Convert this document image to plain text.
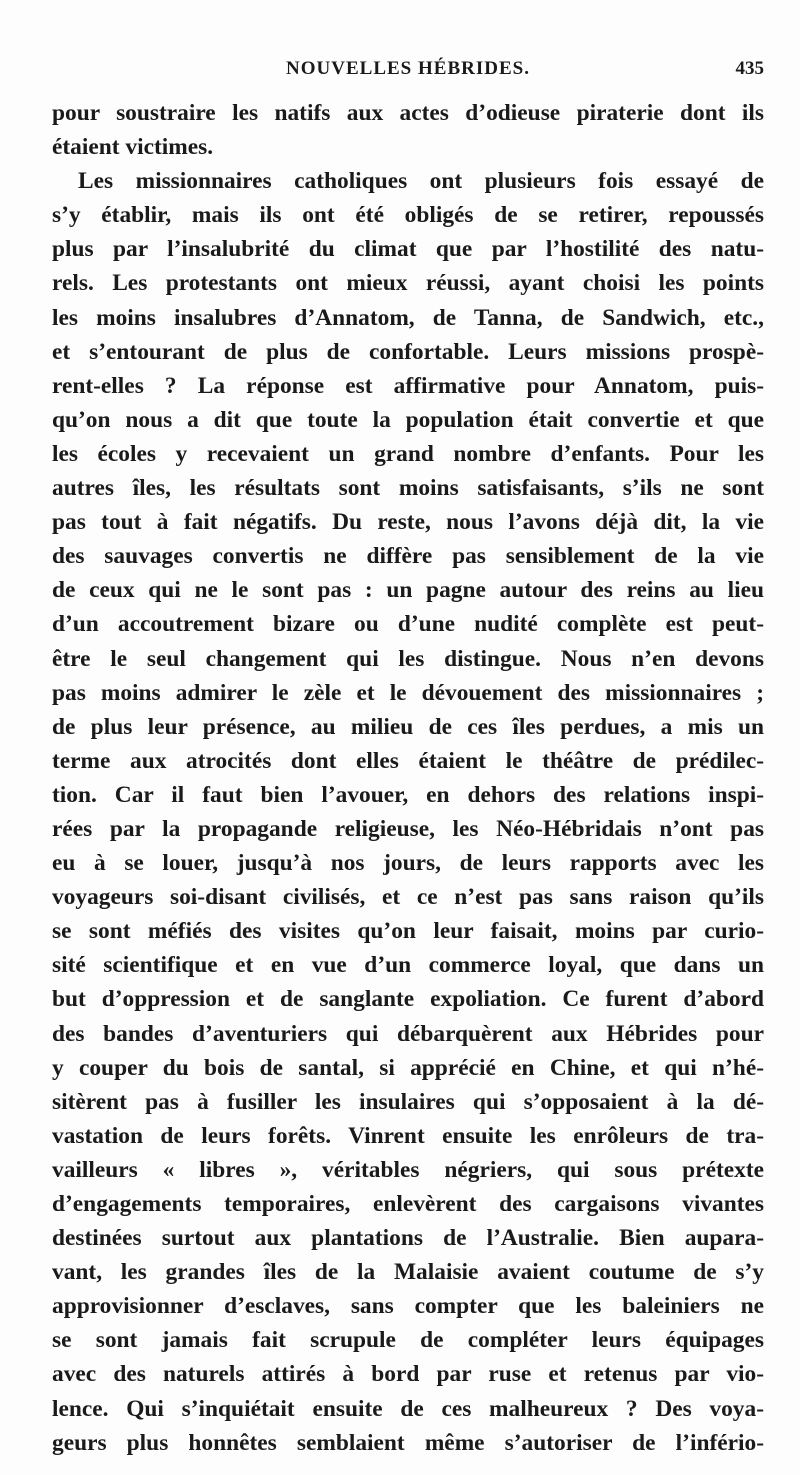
NOUVELLES HÉBRIDES.	435
pour soustraire les natifs aux actes d’odieuse piraterie dont ils
étaient victimes.
Les missionnaires catholiques ont plusieurs fois essayé de
s’y établir, mais ils ont été obligés de se retirer, repoussés
plus par l’insalubrité du climat que par l’hostilité des natu-
rels. Les protestants ont mieux réussi, ayant choisi les points
les moins insalubres d’Annatom, de Tanna, de Sandwich, etc.,
et s’entourant de plus de confortable. Leurs missions prospè-
rent-elles ? La réponse est affirmative pour Annatom, puis-
qu’on nous a dit que toute la population était convertie et que
les écoles y recevaient un grand nombre d’enfants. Pour les
autres îles, les résultats sont moins satisfaisants, s’ils ne sont
pas tout à fait négatifs. Du reste, nous l’avons déjà dit, la vie
des sauvages convertis ne diffère pas sensiblement de la vie
de ceux qui ne le sont pas : un pagne autour des reins au lieu
d’un accoutrement bizare ou d’une nudité complète est peut-
être le seul changement qui les distingue. Nous n’en devons
pas moins admirer le zèle et le dévouement des missionnaires ;
de plus leur présence, au milieu de ces îles perdues, a mis un
terme aux atrocités dont elles étaient le théâtre de prédilec-
tion. Car il faut bien l’avouer, en dehors des relations inspi-
rées par la propagande religieuse, les Néo-Hébridais n’ont pas
eu à se louer, jusqu’à nos jours, de leurs rapports avec les
voyageurs soi-disant civilisés, et ce n’est pas sans raison qu’ils
se sont méfiés des visites qu’on leur faisait, moins par curio-
sité scientifique et en vue d’un commerce loyal, que dans un
but d’oppression et de sanglante expoliation. Ce furent d’abord
des bandes d’aventuriers qui débarquèrent aux Hébrides pour
y couper du bois de santal, si apprécié en Chine, et qui n’hé-
sitèrent pas à fusiller les insulaires qui s’opposaient à la dé-
vastation de leurs forêts. Vinrent ensuite les enrôleurs de tra-
vailleurs « libres », véritables négriers, qui sous prétexte
d’engagements temporaires, enlevèrent des cargaisons vivantes
destinées surtout aux plantations de l’Australie. Bien aupara-
vant, les grandes îles de la Malaisie avaient coutume de s’y
approvisionner d’esclaves, sans compter que les baleiniers ne
se sont jamais fait scrupule de compléter leurs équipages
avec des naturels attirés à bord par ruse et retenus par vio-
lence. Qui s’inquiétait ensuite de ces malheureux ? Des voya-
geurs plus honnêtes semblaient même s’autoriser de l’infério-
